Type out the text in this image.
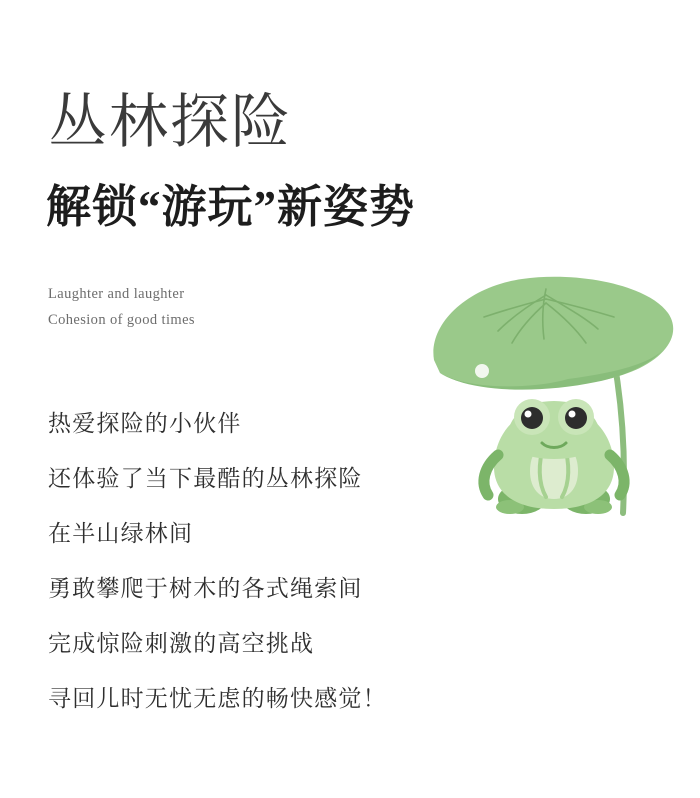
丛林探险
解锁“游玩”新姿势
Laughter and laughter
Cohesion of good times
热爱探险的小伙伴
还体验了当下最酷的丛林探险
在半山绿林间
勇敢攀爬于树木的各式绳索间
完成惊险刺激的高空挑战
寻回儿时无忧无虑的畅快感觉！
